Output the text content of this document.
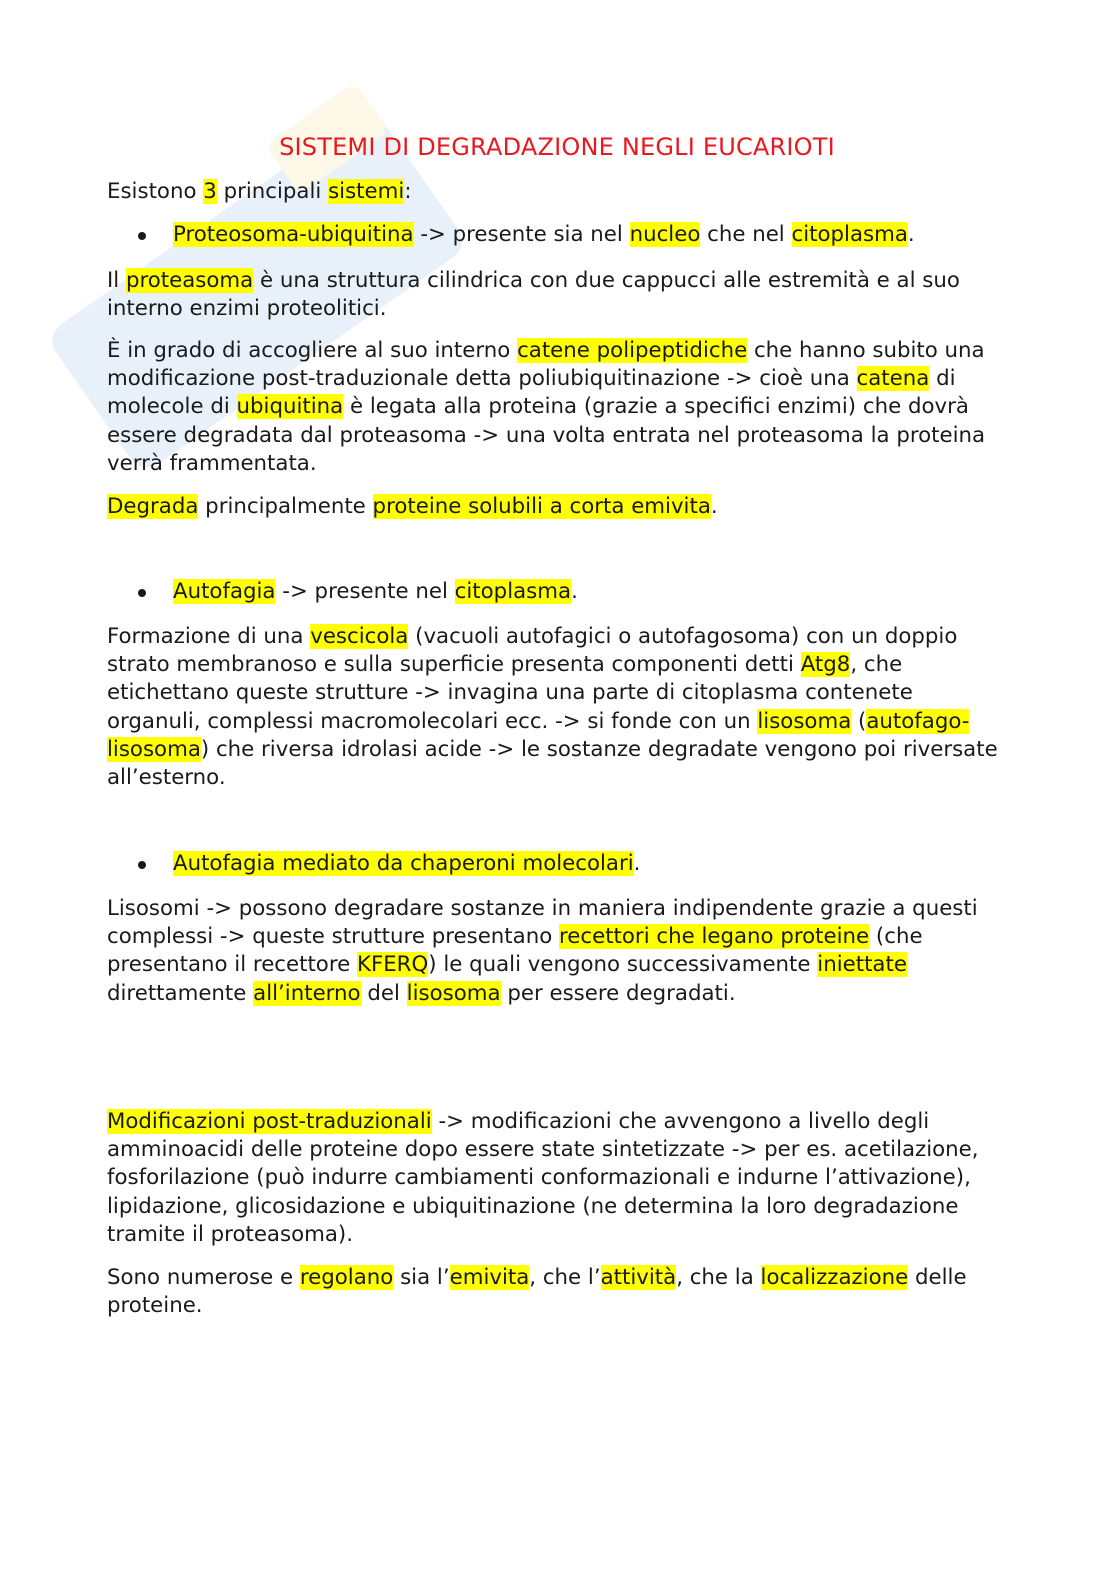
SISTEMI DI DEGRADAZIONE NEGLI EUCARIOTI

Esistono 3 principali sistemi:

Proteosoma-ubiquitina -> presente sia nel nucleo che nel citoplasma.

Il proteasoma è una struttura cilindrica con due cappucci alle estremità e al suo interno enzimi proteolitici.

È in grado di accogliere al suo interno catene polipeptidiche che hanno subito una modificazione post-traduzionale detta poliubiquitinazione -> cioè una catena di molecole di ubiquitina è legata alla proteina (grazie a specifici enzimi) che dovrà essere degradata dal proteasoma -> una volta entrata nel proteasoma la proteina verrà frammentata.

Degrada principalmente proteine solubili a corta emivita.

Autofagia -> presente nel citoplasma.

Formazione di una vescicola (vacuoli autofagici o autofagosoma) con un doppio strato membranoso e sulla superficie presenta componenti detti Atg8, che etichettano queste strutture -> invagina una parte di citoplasma contenete organuli, complessi macromolecolari ecc. -> si fonde con un lisosoma (autofago-lisosoma) che riversa idrolasi acide -> le sostanze degradate vengono poi riversate all’esterno.

Autofagia mediato da chaperoni molecolari.

Lisosomi -> possono degradare sostanze in maniera indipendente grazie a questi complessi -> queste strutture presentano recettori che legano proteine (che presentano il recettore KFERQ) le quali vengono successivamente iniettate direttamente all’interno del lisosoma per essere degradati.

Modificazioni post-traduzionali -> modificazioni che avvengono a livello degli amminoacidi delle proteine dopo essere state sintetizzate -> per es. acetilazione, fosforilazione (può indurre cambiamenti conformazionali e indurne l’attivazione), lipidazione, glicosidazione e ubiquitinazione (ne determina la loro degradazione tramite il proteasoma).

Sono numerose e regolano sia l’emivita, che l’attività, che la localizzazione delle proteine.
